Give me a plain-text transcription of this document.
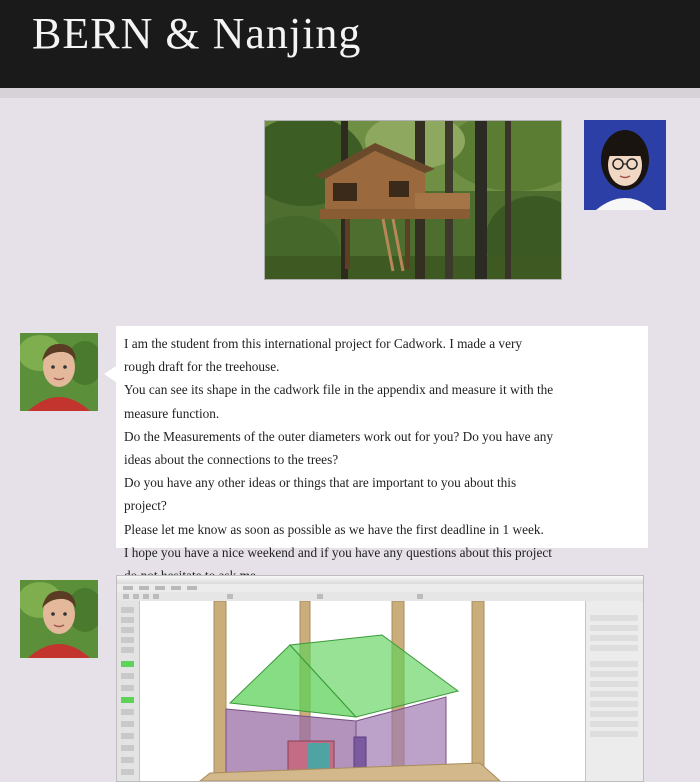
BERN & Nanjing
I am the student from this international project for Cadwork. I made a very
rough draft for the treehouse.
You can see its shape in the cadwork file in the appendix and measure it with the
measure function.
Do the Measurements of the outer diameters work out for you? Do you have any
ideas about the connections to the trees?
Do you have any other ideas or things that are important to you about this
project?
Please let me know as soon as possible as we have the first deadline in 1 week.
I hope you have a nice weekend and if you have any questions about this project
